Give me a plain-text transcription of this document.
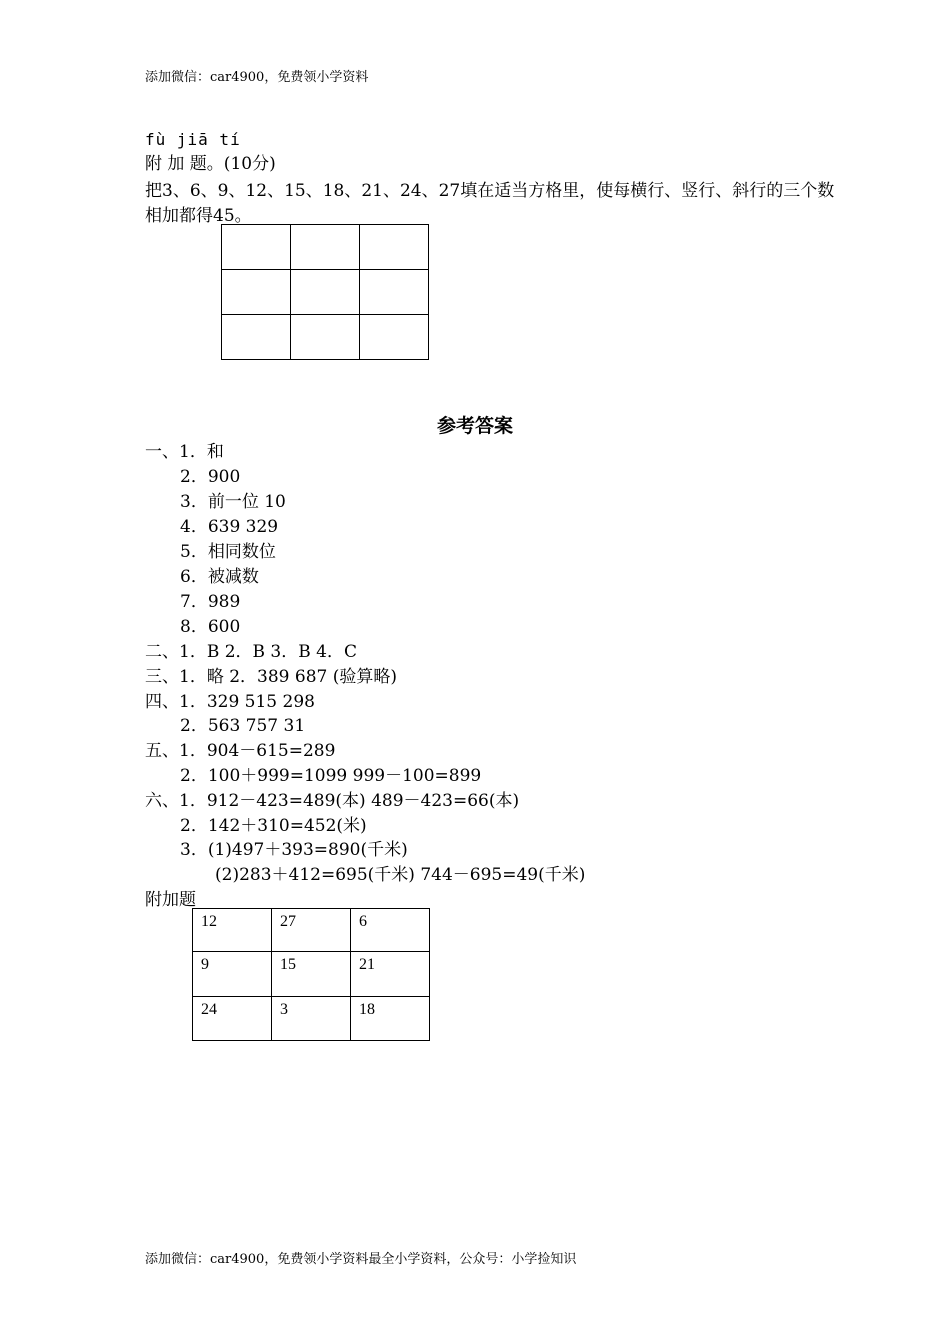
添加微信：car4900，免费领小学资料
fù jiā tí
附 加 题。(10分)
把3、6、9、12、15、18、21、24、27填在适当方格里，使每横行、竖行、斜行的三个数
相加都得45。

参考答案
一、1．和
2．900
3．前一位 10
4．639 329
5．相同数位
6．被减数
7．989
8．600
二、1．B 2．B 3．B 4．C
三、1．略 2．389 687 (验算略)
四、1．329 515 298
2．563 757 31
五、1．904－615=289
2．100＋999=1099 999－100=899
六、1．912－423=489(本) 489－423=66(本)
2．142＋310=452(米)
3．(1)497＋393=890(千米)
(2)283＋412=695(千米) 744－695=49(千米)
附加题
12	27	6
9	15	21
24	3	18
添加微信：car4900，免费领小学资料最全小学资料，公众号：小学捡知识
